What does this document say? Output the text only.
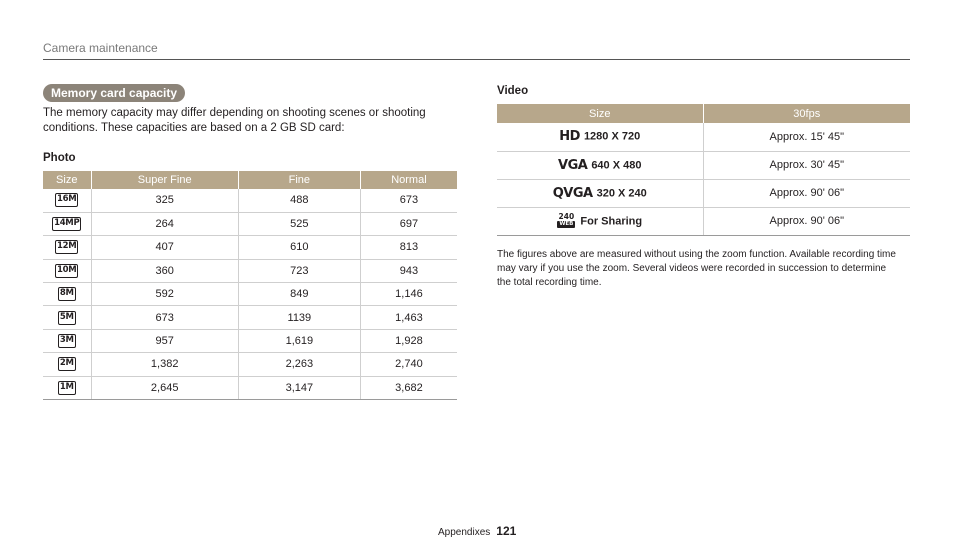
Camera maintenance
Memory card capacity

The memory capacity may differ depending on shooting scenes or shooting conditions. These capacities are based on a 2 GB SD card:

Photo
Size	Super Fine	Fine	Normal
16M	325	488	673
14MP	264	525	697
12M	407	610	813
10M	360	723	943
8M	592	849	1,146
5M	673	1139	1,463
3M	957	1,619	1,928
2M	1,382	2,263	2,740
1M	2,645	3,147	3,682
Video
Size	30fps
HD 1280 X 720	Approx. 15' 45"
VGA 640 X 480	Approx. 30' 45"
QVGA 320 X 240	Approx. 90' 06"

240
WEB For Sharing	Approx. 90' 06"

The figures above are measured without using the zoom function. Available recording time may vary if you use the zoom. Several videos were recorded in succession to determine the total recording time.

Appendixes 121
